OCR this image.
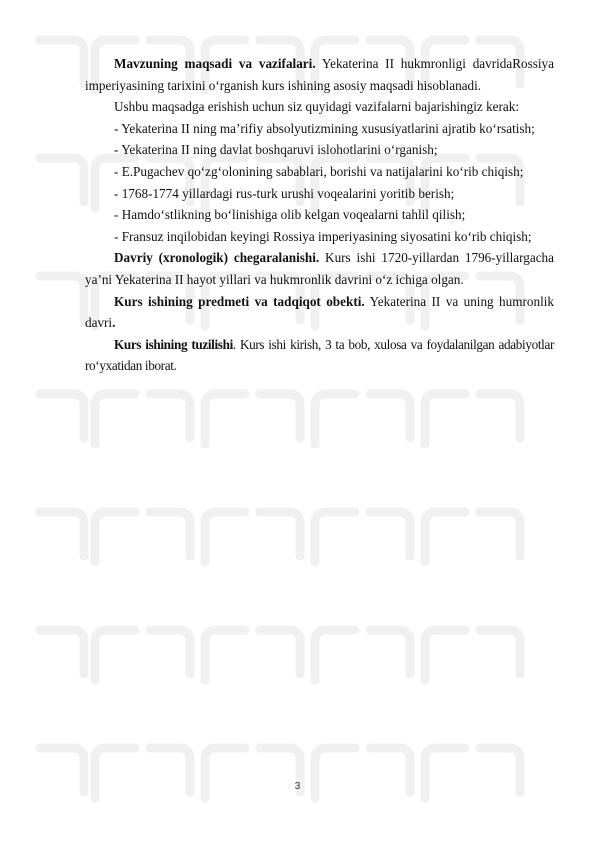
Mavzuning maqsadi va vazifalari. Yekaterina II hukmronligi davridaRossiya imperiyasining tarixini o‘rganish kurs ishining asosiy maqsadi hisoblanadi.

Ushbu maqsadga erishish uchun siz quyidagi vazifalarni bajarishingiz kerak:

- Yekaterina II ning ma’rifiy absolyutizmining xususiyatlarini ajratib ko‘rsatish;

- Yekaterina II ning davlat boshqaruvi islohotlarini o‘rganish;

- E.Pugachev qo‘zg‘olonining sabablari, borishi va natijalarini ko‘rib chiqish;

- 1768-1774 yillardagi rus-turk urushi voqealarini yoritib berish;

- Hamdo‘stlikning bo‘linishiga olib kelgan voqealarni tahlil qilish;

- Fransuz inqilobidan keyingi Rossiya imperiyasining siyosatini ko‘rib chiqish;

Davriy (xronologik) chegaralanishi. Kurs ishi 1720-yillardan 1796-yillargacha ya’ni Yekaterina II hayot yillari va hukmronlik davrini o‘z ichiga olgan.

Kurs ishining predmeti va tadqiqot obekti. Yekaterina II va uning humronlik davri.

Kurs ishining tuzilishi. Kurs ishi kirish, 3 ta bob, xulosa va foydalanilgan adabiyotlar ro‘yxatidan iborat.

3
